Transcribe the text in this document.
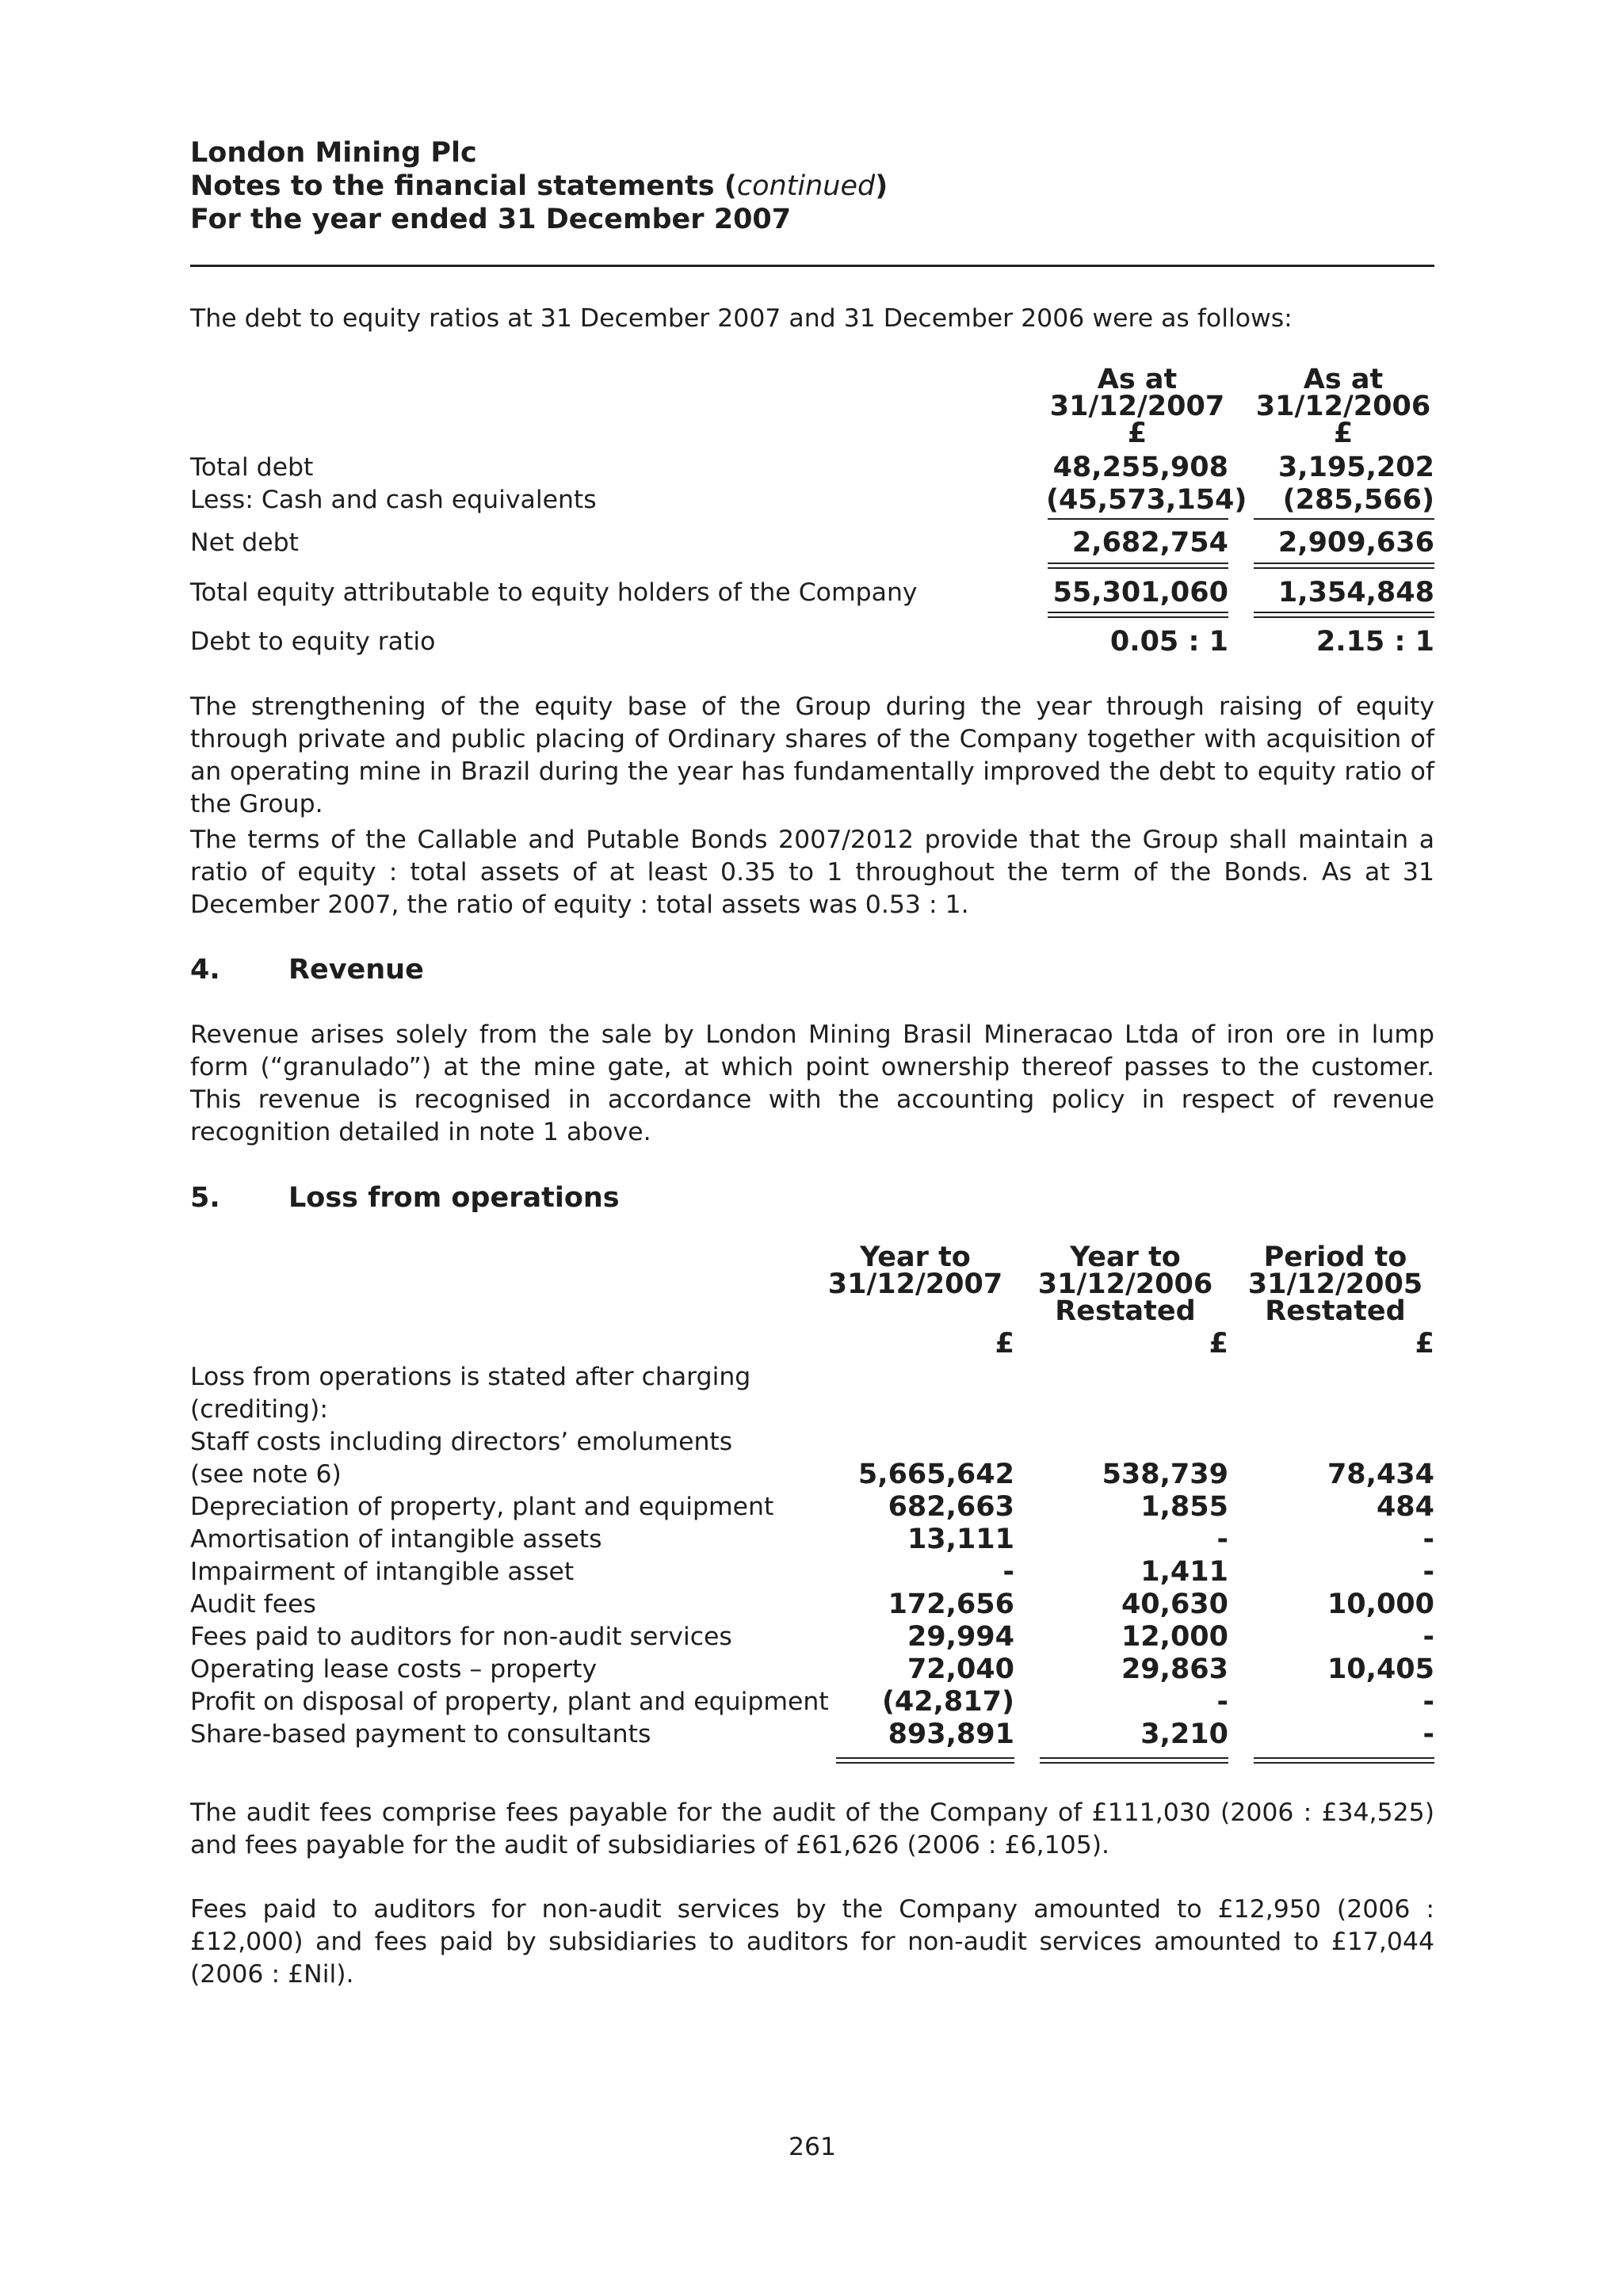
London Mining Plc
Notes to the financial statements (continued)
For the year ended 31 December 2007
The debt to equity ratios at 31 December 2007 and 31 December 2006 were as follows:
As at
31/12/2007
£
As at
31/12/2006
£
Total debt	48,255,908	3,195,202
Less: Cash and cash equivalents	(45,573,154)	(285,566)
Net debt	2,682,754	2,909,636
Total equity attributable to equity holders of the Company	55,301,060	1,354,848
Debt to equity ratio	0.05 : 1	2.15 : 1
The strengthening of the equity base of the Group during the year through raising of equity through private and public placing of Ordinary shares of the Company together with acquisition of an operating mine in Brazil during the year has fundamentally improved the debt to equity ratio of the Group.
The terms of the Callable and Putable Bonds 2007/2012 provide that the Group shall maintain a ratio of equity : total assets of at least 0.35 to 1 throughout the term of the Bonds. As at 31 December 2007, the ratio of equity : total assets was 0.53 : 1.
4. Revenue
Revenue arises solely from the sale by London Mining Brasil Mineracao Ltda of iron ore in lump form (“granulado”) at the mine gate, at which point ownership thereof passes to the customer. This revenue is recognised in accordance with the accounting policy in respect of revenue recognition detailed in note 1 above.
5. Loss from operations
Year to
31/12/2007
Year to
31/12/2006
Restated
Period to
31/12/2005
Restated
£	£	£
Loss from operations is stated after charging
(crediting):
Staff costs including directors’ emoluments
(see note 6)	5,665,642	538,739	78,434
Depreciation of property, plant and equipment	682,663	1,855	484
Amortisation of intangible assets	13,111	-	-
Impairment of intangible asset	-	1,411	-
Audit fees	172,656	40,630	10,000
Fees paid to auditors for non-audit services	29,994	12,000	-
Operating lease costs – property	72,040	29,863	10,405
Profit on disposal of property, plant and equipment	(42,817)	-	-
Share-based payment to consultants	893,891	3,210	-
The audit fees comprise fees payable for the audit of the Company of £111,030 (2006 : £34,525) and fees payable for the audit of subsidiaries of £61,626 (2006 : £6,105).
Fees paid to auditors for non-audit services by the Company amounted to £12,950 (2006 : £12,000) and fees paid by subsidiaries to auditors for non-audit services amounted to £17,044 (2006 : £Nil).
261
